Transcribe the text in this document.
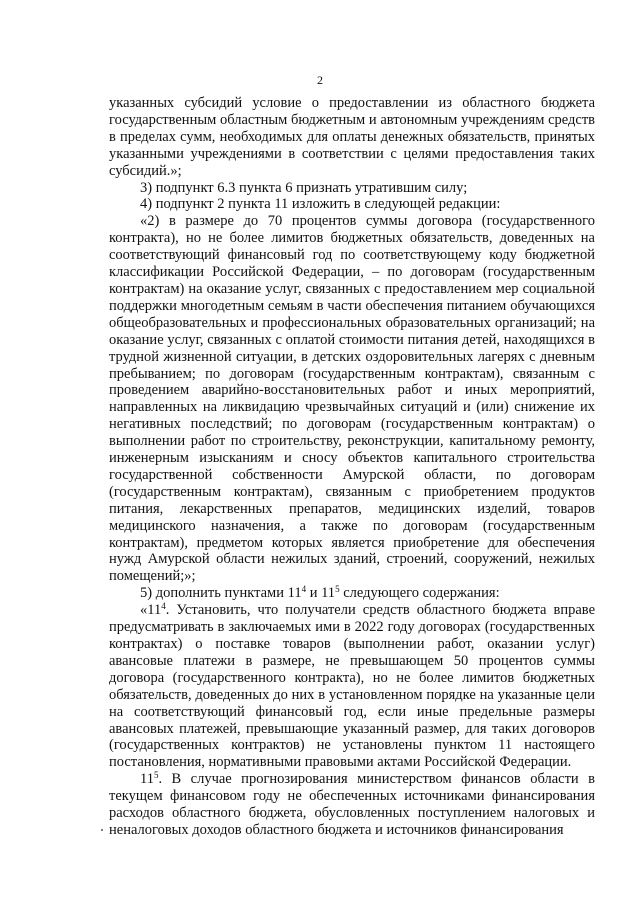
2

указанных субсидий условие о предоставлении из областного бюджета государственным областным бюджетным и автономным учреждениям средств в пределах сумм, необходимых для оплаты денежных обязательств, принятых указанными учреждениями в соответствии с целями предоставления таких субсидий.»;

3) подпункт 6.3 пункта 6 признать утратившим силу;

4) подпункт 2 пункта 11 изложить в следующей редакции:

«2) в размере до 70 процентов суммы договора (государственного контракта), но не более лимитов бюджетных обязательств, доведенных на соответствующий финансовый год по соответствующему коду бюджетной классификации Российской Федерации, – по договорам (государственным контрактам) на оказание услуг, связанных с предоставлением мер социальной поддержки многодетным семьям в части обеспечения питанием обучающихся общеобразовательных и профессиональных образовательных организаций; на оказание услуг, связанных с оплатой стоимости питания детей, находящихся в трудной жизненной ситуации, в детских оздоровительных лагерях с дневным пребыванием; по договорам (государственным контрактам), связанным с проведением аварийно-восстановительных работ и иных мероприятий, направленных на ликвидацию чрезвычайных ситуаций и (или) снижение их негативных последствий; по договорам (государственным контрактам) о выполнении работ по строительству, реконструкции, капитальному ремонту, инженерным изысканиям и сносу объектов капитального строительства государственной собственности Амурской области, по договорам (государственным контрактам), связанным с приобретением продуктов питания, лекарственных препаратов, медицинских изделий, товаров медицинского назначения, а также по договорам (государственным контрактам), предметом которых является приобретение для обеспечения нужд Амурской области нежилых зданий, строений, сооружений, нежилых помещений;»;

5) дополнить пунктами $11^4$ и $11^5$ следующего содержания:

«$11^4$. Установить, что получатели средств областного бюджета вправе предусматривать в заключаемых ими в 2022 году договорах (государственных контрактах) о поставке товаров (выполнении работ, оказании услуг) авансовые платежи в размере, не превышающем 50 процентов суммы договора (государственного контракта), но не более лимитов бюджетных обязательств, доведенных до них в установленном порядке на указанные цели на соответствующий финансовый год, если иные предельные размеры авансовых платежей, превышающие указанный размер, для таких договоров (государственных контрактов) не установлены пунктом 11 настоящего постановления, нормативными правовыми актами Российской Федерации.

$11^5$. В случае прогнозирования министерством финансов области в текущем финансовом году не обеспеченных источниками финансирования расходов областного бюджета, обусловленных поступлением налоговых и неналоговых доходов областного бюджета и источников финансирования
